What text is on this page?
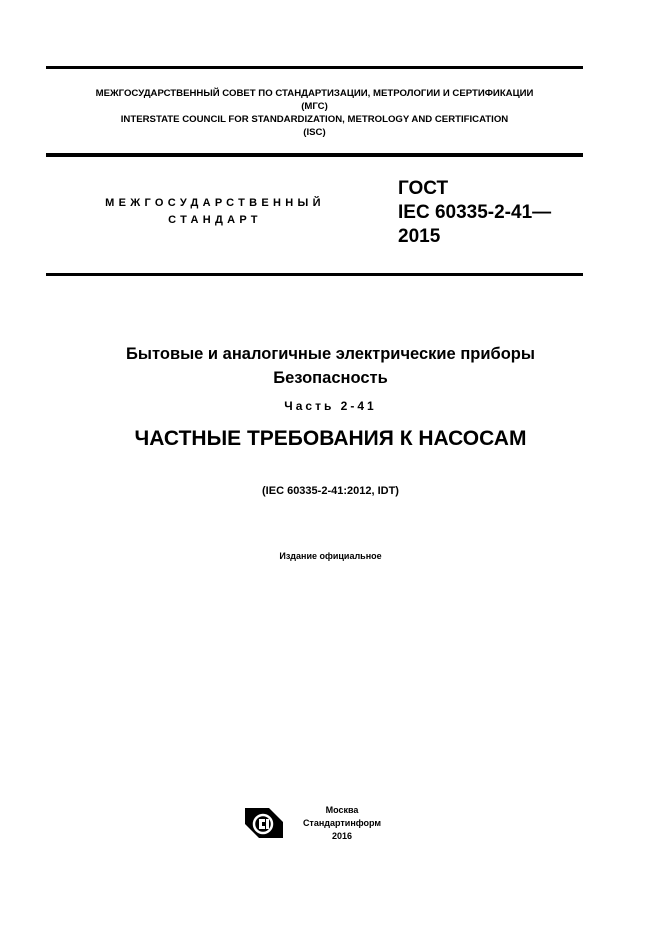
МЕЖГОСУДАРСТВЕННЫЙ СОВЕТ ПО СТАНДАРТИЗАЦИИ, МЕТРОЛОГИИ И СЕРТИФИКАЦИИ
(МГС)
INTERSTATE COUNCIL FOR STANDARDIZATION, METROLOGY AND CERTIFICATION
(ISC)
МЕЖГОСУДАРСТВЕННЫЙ
СТАНДАРТ
ГОСТ
IEC 60335-2-41—
2015
Бытовые и аналогичные электрические приборы
Безопасность
Часть 2-41
ЧАСТНЫЕ ТРЕБОВАНИЯ К НАСОСАМ
(IEC 60335-2-41:2012, IDT)
Издание официальное
Москва
Стандартинформ
2016
